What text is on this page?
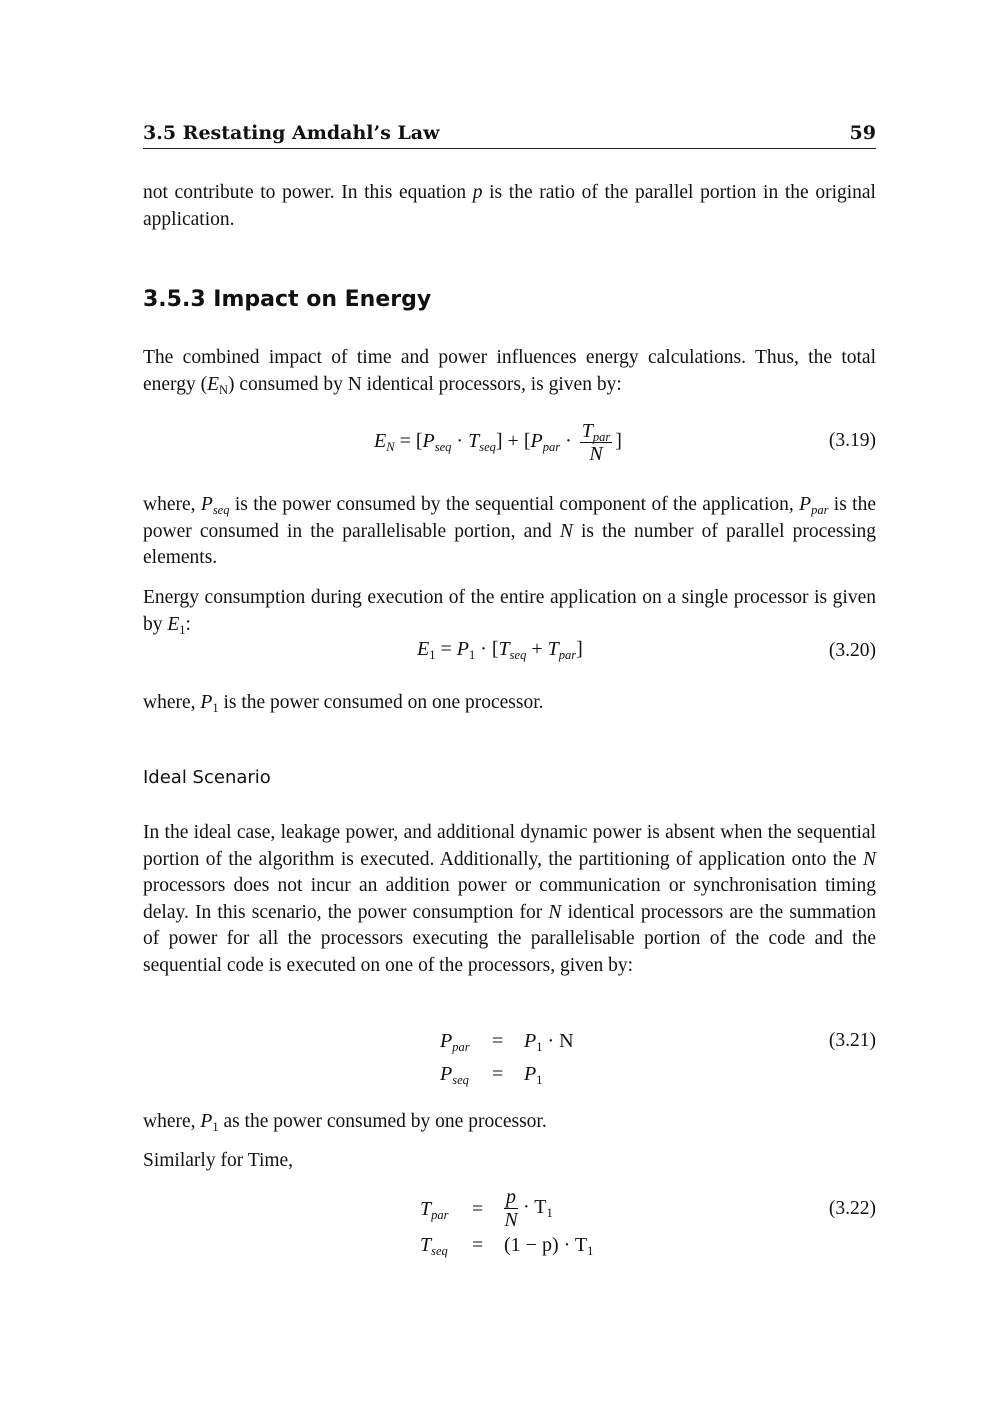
3.5 Restating Amdahl’s Law	59

not contribute to power. In this equation p is the ratio of the parallel portion in the original application.

3.5.3 Impact on Energy

The combined impact of time and power influences energy calculations. Thus, the total energy $(E_N)$ consumed by N identical processors, is given by:

$E_N = [P_{seq} \cdot T_{seq}] + [P_{par} \cdot \frac{T_{par}}{N}$ ]	(3.19)

where, $P_{seq}$ is the power consumed by the sequential component of the application, $P_{par}$ is the power consumed in the parallelisable portion, and N is the number of parallel processing elements.

Energy consumption during execution of the entire application on a single processor is given by $E_1$:

$E_1 = P_1 \cdot [T_{seq} + T_{par}]$	(3.20)

where, $P_1$ is the power consumed on one processor.

Ideal Scenario

In the ideal case, leakage power, and additional dynamic power is absent when the sequential portion of the algorithm is executed. Additionally, the partitioning of application onto the N processors does not incur an addition power or communication or synchronisation timing delay. In this scenario, the power consumption for N identical processors are the summation of power for all the processors executing the parallelisable portion of the code and the sequential code is executed on one of the processors, given by:

$P_{par} = P_1 \cdot N$
$P_{seq} = P_1$
(3.21)

where, $P_1$ as the power consumed by one processor.

Similarly for Time,

$T_{par} = \frac{p}{N} \cdot T_1$
$T_{seq} = (1 - p) \cdot T_1$
(3.22)
